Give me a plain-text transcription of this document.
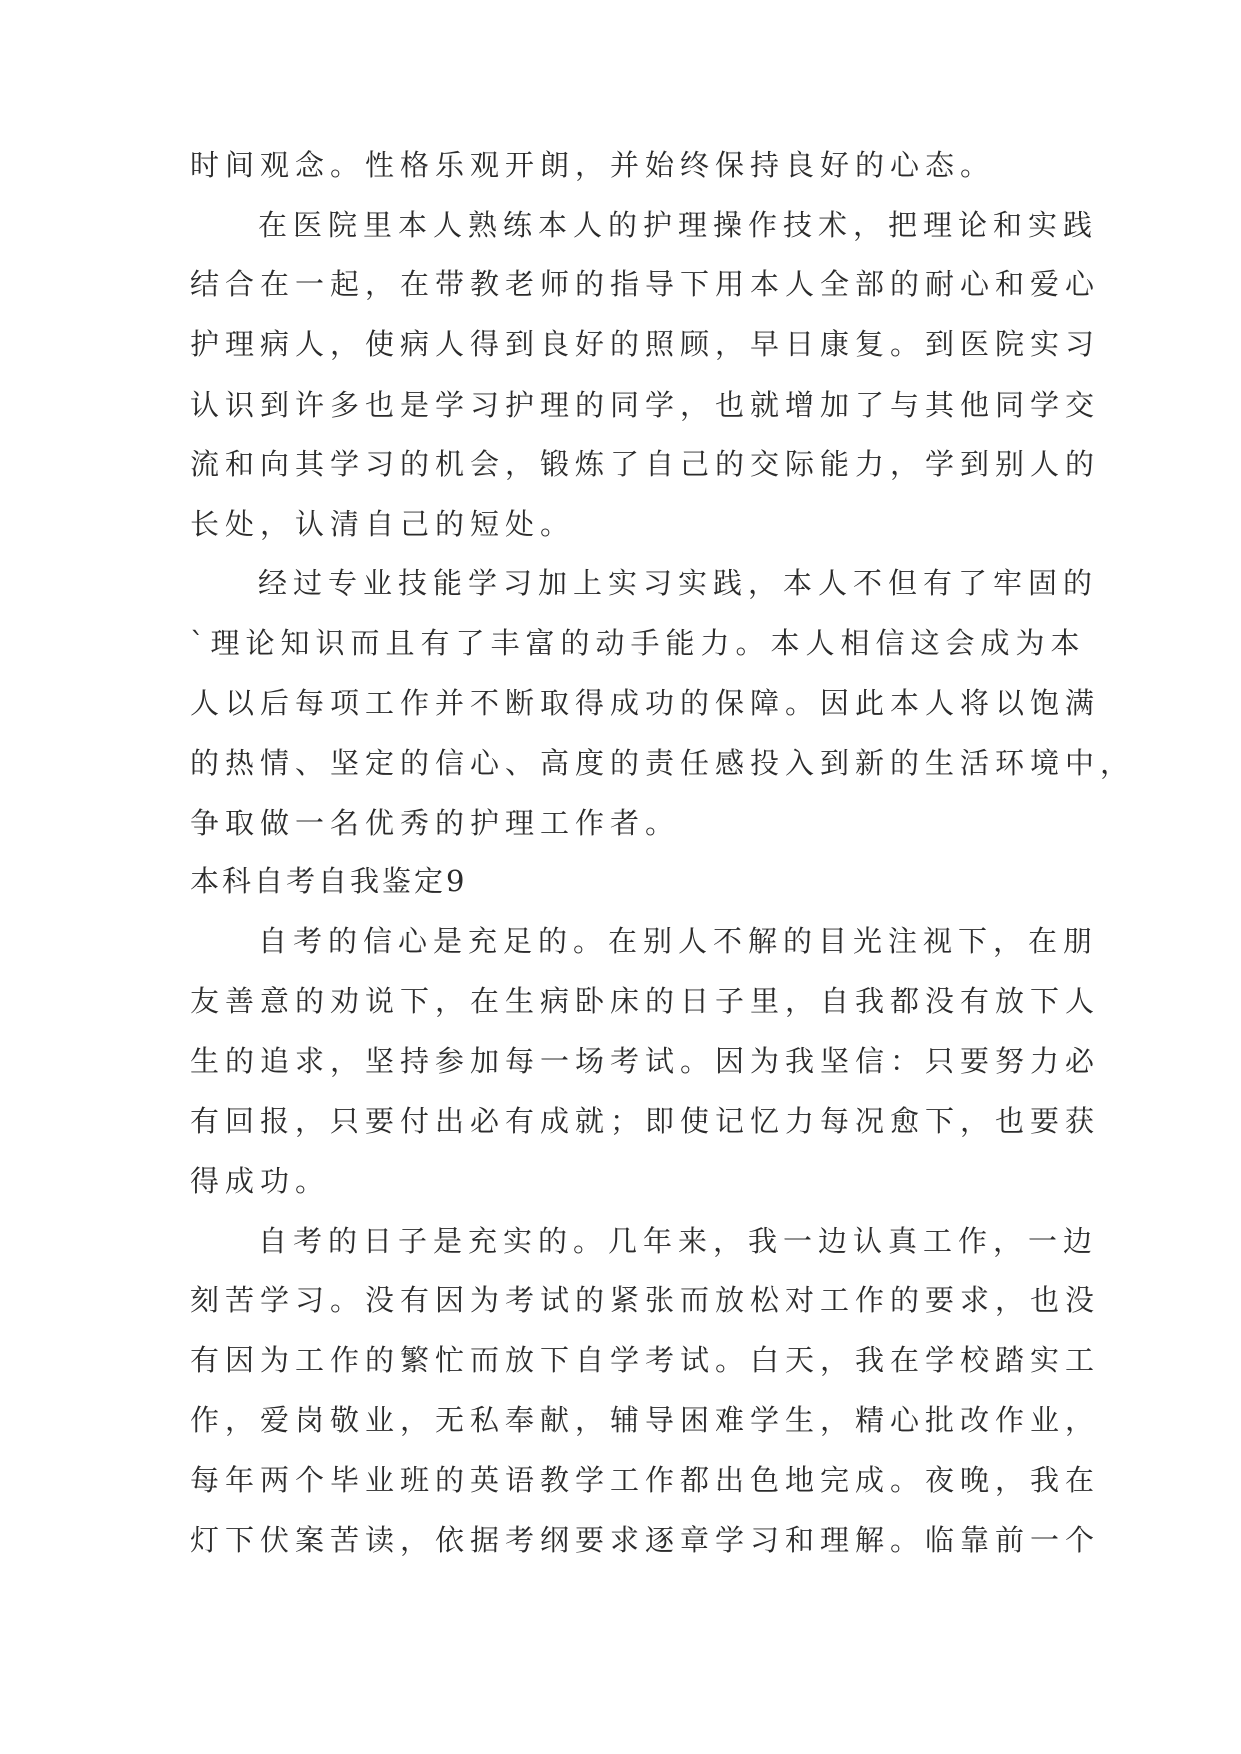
时间观念。性格乐观开朗，并始终保持良好的心态。

在医院里本人熟练本人的护理操作技术，把理论和实践

结合在一起，在带教老师的指导下用本人全部的耐心和爱心

护理病人，使病人得到良好的照顾，早日康复。到医院实习

认识到许多也是学习护理的同学，也就增加了与其他同学交

流和向其学习的机会，锻炼了自己的交际能力，学到别人的

长处，认清自己的短处。

经过专业技能学习加上实习实践，本人不但有了牢固的

`理论知识而且有了丰富的动手能力。本人相信这会成为本

人以后每项工作并不断取得成功的保障。因此本人将以饱满

的热情、坚定的信心、高度的责任感投入到新的生活环境中，

争取做一名优秀的护理工作者。

本科自考自我鉴定9

自考的信心是充足的。在别人不解的目光注视下，在朋

友善意的劝说下，在生病卧床的日子里，自我都没有放下人

生的追求，坚持参加每一场考试。因为我坚信：只要努力必

有回报，只要付出必有成就；即使记忆力每况愈下，也要获

得成功。

自考的日子是充实的。几年来，我一边认真工作，一边

刻苦学习。没有因为考试的紧张而放松对工作的要求，也没

有因为工作的繁忙而放下自学考试。白天，我在学校踏实工

作，爱岗敬业，无私奉献，辅导困难学生，精心批改作业，

每年两个毕业班的英语教学工作都出色地完成。夜晚，我在

灯下伏案苦读，依据考纲要求逐章学习和理解。临靠前一个
